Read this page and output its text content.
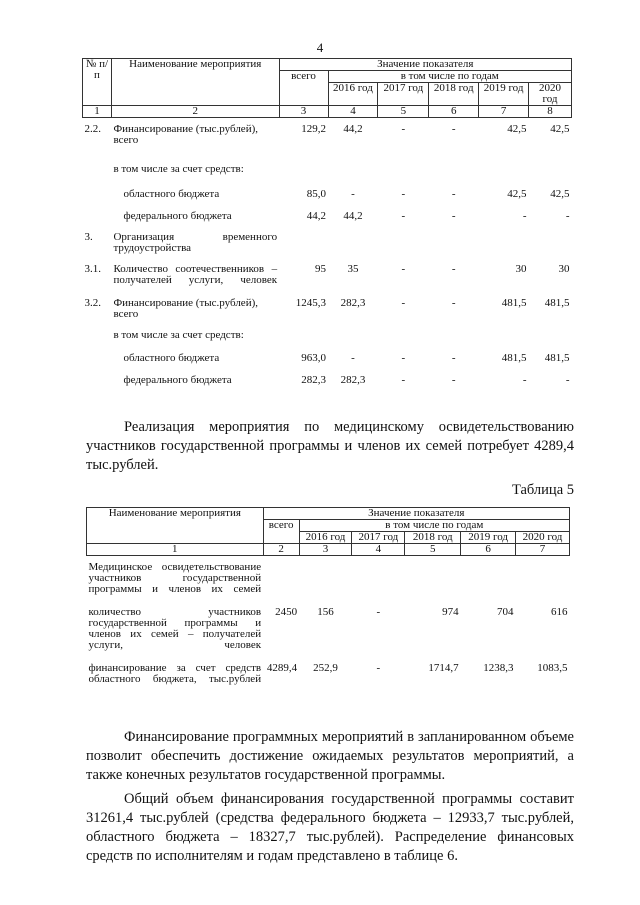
4
№ п/п	Наименование мероприятия	Значение показателя					
		всего	в том числе по годам				
			2016 год	2017 год	2018 год	2019 год	2020 год
1	2	3	4	5	6	7	8

2.2.	Финансирование (тыс.рублей), всего	129,2	44,2	-	-	42,5	42,5

	в том числе за счет средств:						

	областного бюджета	85,0	-	-	-	42,5	42,5

	федерального бюджета	44,2	44,2	-	-	-	-

3.	Организация временного трудоустройства						

3.1.	Количество соотечественников – получателей услуги, человек	95	35	-	-	30	30

3.2.	Финансирование (тыс.рублей), всего	1245,3	282,3	-	-	481,5	481,5

	в том числе за счет средств:						

	областного бюджета	963,0	-	-	-	481,5	481,5

	федерального бюджета	282,3	282,3	-	-	-	-

Реализация мероприятия по медицинскому освидетельствованию участников государственной программы и членов их семей потребует 4289,4 тыс.рублей.

Таблица 5
Наименование мероприятия	Значение показателя					
	всего	в том числе по годам				
		2016 год	2017 год	2018 год	2019 год	2020 год
1	2	3	4	5	6	7

Медицинское освидетельствование участников государственной программы и членов их семей						

количество участников государственной программы и членов их семей – получателей услуги, человек	2450	156	-	974	704	616

финансирование за счет средств областного бюджета, тыс.рублей	4289,4	252,9	-	1714,7	1238,3	1083,5

Финансирование программных мероприятий в запланированном объеме позволит обеспечить достижение ожидаемых результатов мероприятий, а также конечных результатов государственной программы.

Общий объем финансирования государственной программы составит 31261,4 тыс.рублей (средства федерального бюджета – 12933,7 тыс.рублей, областного бюджета – 18327,7 тыс.рублей). Распределение финансовых средств по исполнителям и годам представлено в таблице 6.
